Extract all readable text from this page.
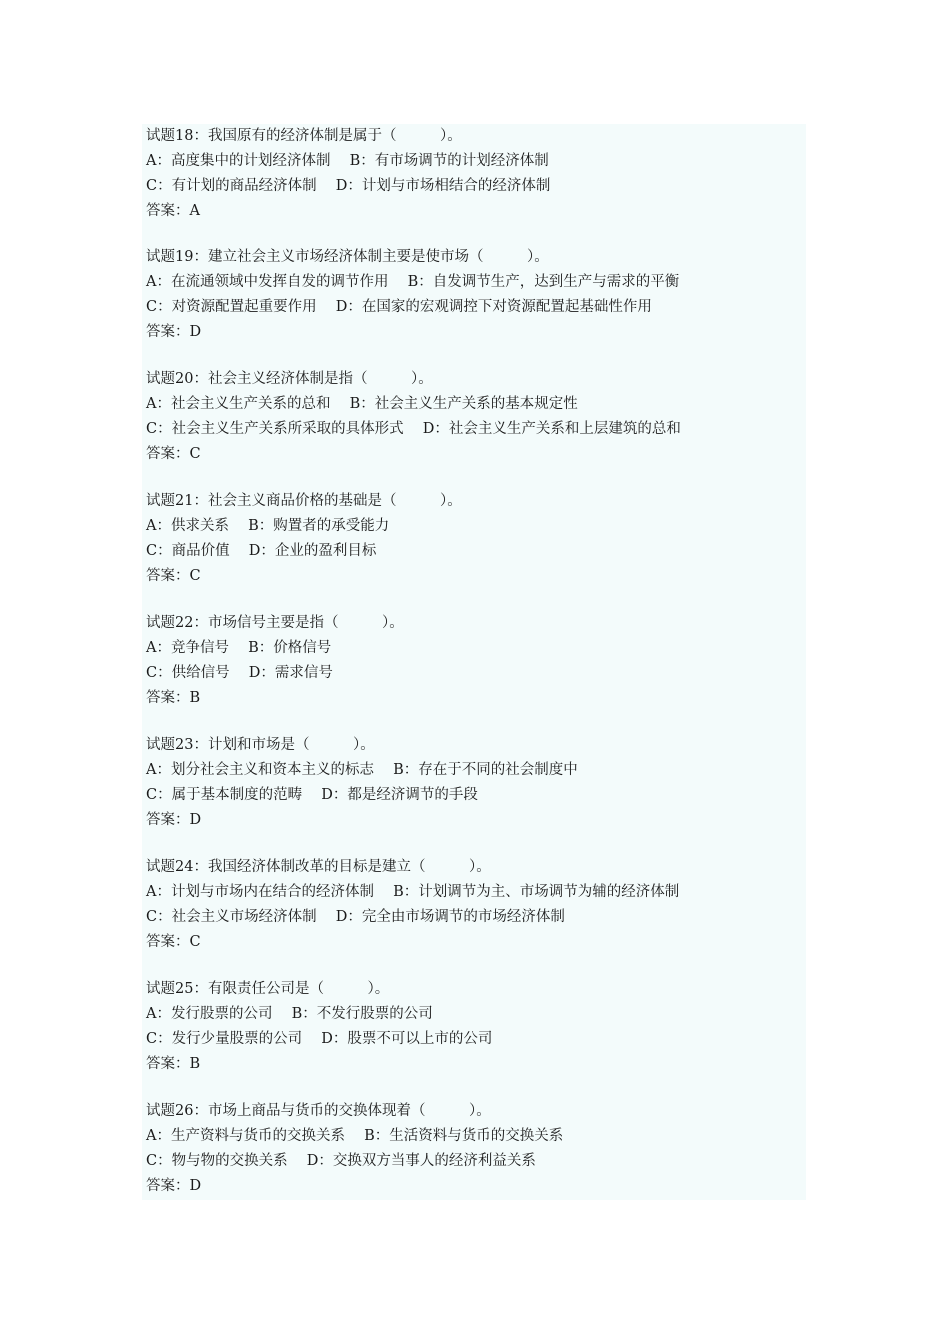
试题18：我国原有的经济体制是属于（　　　）。
A：高度集中的计划经济体制　 B：有市场调节的计划经济体制
C：有计划的商品经济体制　 D：计划与市场相结合的经济体制
答案：A
试题19：建立社会主义市场经济体制主要是使市场（　　　）。
A：在流通领域中发挥自发的调节作用　 B：自发调节生产，达到生产与需求的平衡
C：对资源配置起重要作用　 D：在国家的宏观调控下对资源配置起基础性作用
答案：D
试题20：社会主义经济体制是指（　　　）。
A：社会主义生产关系的总和　 B：社会主义生产关系的基本规定性
C：社会主义生产关系所采取的具体形式　 D：社会主义生产关系和上层建筑的总和
答案：C
试题21：社会主义商品价格的基础是（　　　）。
A：供求关系　 B：购置者的承受能力
C：商品价值　 D：企业的盈利目标
答案：C
试题22：市场信号主要是指（　　　）。
A：竞争信号　 B：价格信号
C：供给信号　 D：需求信号
答案：B
试题23：计划和市场是（　　　）。
A：划分社会主义和资本主义的标志　 B：存在于不同的社会制度中
C：属于基本制度的范畴　 D：都是经济调节的手段
答案：D
试题24：我国经济体制改革的目标是建立（　　　）。
A：计划与市场内在结合的经济体制　 B：计划调节为主、市场调节为辅的经济体制
C：社会主义市场经济体制　 D：完全由市场调节的市场经济体制
答案：C
试题25：有限责任公司是（　　　）。
A：发行股票的公司　 B：不发行股票的公司
C：发行少量股票的公司　 D：股票不可以上市的公司
答案：B
试题26：市场上商品与货币的交换体现着（　　　）。
A：生产资料与货币的交换关系　 B：生活资料与货币的交换关系
C：物与物的交换关系　 D：交换双方当事人的经济利益关系
答案：D
